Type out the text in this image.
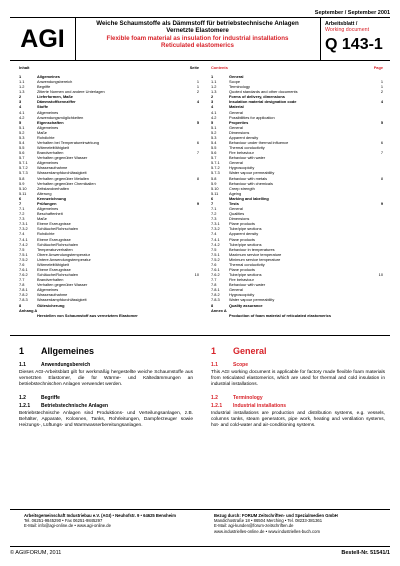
September / September 2001
AGI
Weiche Schaumstoffe als Dämmstoff für betriebstechnische Anlagen
Vernetzte Elastomere
Flexible foam material as insulation for industrial installations
Reticulated elastomerics
Arbeitsblatt /
Working document
Q 143-1
Inhalt	Seite
1	Allgemeines
1.1	Anwendungsbereich	1
1.2	Begriffe	1
1.3	Zitierte Normen und andere Unterlagen	2
2	Lieferformen, Maße
3	Dämmstoffkennziffer	4
4	Stoffe
4.1	Allgemeines
4.2	Anwendungsmöglichkeiten
5	Eigenschaften	5
5.1	Allgemeines
5.2	Maße
5.3	Rohdichte
5.4	Verhalten bei Temperatureinwirkung	6
5.5	Wärmeleitfähigkeit
5.6	Brandverhalten	7
5.7	Verhalten gegenüber Wasser
5.7.1	Allgemeines
5.7.2	Wasseraufnahme
5.7.3	Wasserdampfdurchlässigkeit
5.8	Verhalten gegenüber Metallen	8
5.9	Verhalten gegenüber Chemikalien
5.10	Zeitstandverhalten
5.11	Alterung
6	Kennzeichnung
7	Prüfungen	9
7.1	Allgemeines
7.2	Beschaffenheit
7.3	Maße
7.3.1	Ebene Erzeugnisse
7.3.2	Schläuche/Rohrschalen
7.4	Rohdichte
7.4.1	Ebene Erzeugnisse
7.4.2	Schläuche/Rohrschalen
7.5	Temperaturverhalten
7.5.1	Obere Anwendungstemperatur
7.5.2	Untere Anwendungstemperatur
7.6	Wärmeleitfähigkeit
7.6.1	Ebene Erzeugnisse
7.6.2	Schläuche/Rohrschalen	10
7.7	Brandverhalten
7.8	Verhalten gegenüber Wasser
7.8.1	Allgemeines
7.8.2	Wasseraufnahme
7.8.3	Wasserdampfdurchlässigkeit
8	Gütesicherung
Anhang A
Herstellen von Schaumstoff aus vernetztem Elastomer
Contents	Page
1	General
1.1	Scope	1
1.2	Terminology	1
1.3	Quoted standards and other documents	2
2	Forms of delivery, dimensions
3	Insulation material designation code	4
4	Material
4.1	General
4.2	Possibilities for application
5	Properties	5
5.1	General
5.2	Dimensions
5.3	Apparent density
5.4	Behaviour under thermal influence	6
5.5	Thermal conductivity
5.6	Fire behaviour	7
5.7	Behaviour with water
5.7.1	General
5.7.2	Hygroscopicity
5.7.3	Water vapour permeability
5.8	Behaviour with metals	8
5.9	Behaviour with chemicals
5.10	Creep strength
5.11	Ageing
6	Marking and labelling
7	Tests	9
7.1	General
7.2	Qualities
7.3	Dimensions
7.3.1	Plane products
7.3.2	Tube/pipe sections
7.4	Apparent density
7.4.1	Plane products
7.4.2	Tube/pipe sections
7.5	Behaviour in temperatures
7.5.1	Maximum service temperature
7.5.2	Minimum service temperature
7.6	Thermal conductivity
7.6.1	Plane products
7.6.2	Tube/pipe sections	10
7.7	Fire behaviour
7.8	Behaviour with water
7.8.1	General
7.8.2	Hygroscopicity
7.8.3	Water vapour permeability
8	Quality assurance
Annex A
Production of foam material of reticulated elastomerics
1 Allgemeines	1 General
1.1	Anwendungsbereich
Dieses AGI-Arbeitsblatt gilt für werkmäßig hergestellte weiche Schaumstoffe aus vernetzten Elastomer, die für Wärme- und Kältedämmungen an betriebstechnischen Anlagen verwendet werden.
1.2	Begriffe
1.2.1 Betriebstechnische Anlagen
Betriebstechnische Anlagen sind Produktions- und Verteilungsanlagen, z.B. Behälter, Apparate, Kolonnen, Tanks, Rohrleitungen, Dampferzeuger sowie Heizungs-, Lüftungs- und Warmwasserbereitungsanlagen.
1.1	Scope
This AGI working document is applicable for factory made flexible foam materials from reticulated elastomerics, which are used for thermal and cold insulation in industrial installations.
1.2	Terminology
1.2.1 Industrial installations
Industrial installations are production and distribution systems, e.g. vessels, columns tanks, steam generators, pipe work, heating and ventilation systems, hot- and cold-water and air-conditioning systems.
Arbeitsgemeinschaft Industriebau e.V. (AGI) • Neuhofstr. 9 • 64625 Bensheim
Tel. 06251-9845290 • Fax 06251-9845297
E-Mail: info@agi-online.de • www.agi-online.de
Bezug durch: FORUM Zeitschriften- und Spezialmedien GmbH
Mandichostraße 18 • 86504 Merching • Tel. 08233-381361
E-Mail: agi-kunden@forum-zeitschriften.de
www.industrielles-online.de • www.industrielles-buch.com
© AGI/FORUM, 2011	Bestell-Nr. 51541/1
